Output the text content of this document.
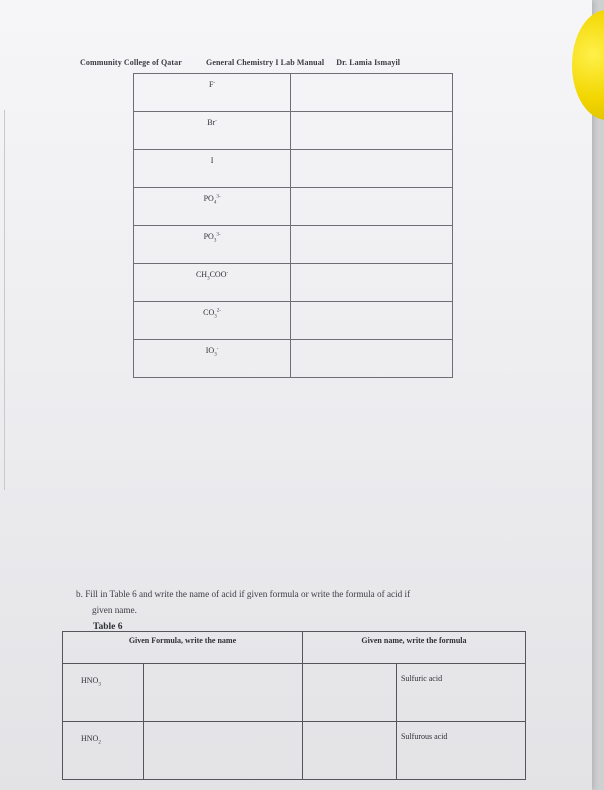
Community College of Qatar	General Chemistry I Lab Manual Dr. Lamia Ismayil
F-	
Br-	
I	
$PO_4^{3-}$	
$PO_3^{3-}$	
$CH_3COO^-$	
$CO_3^{2-}$	
$IO_3^-$	
b. Fill in Table 6 and write the name of acid if given formula or write the formula of acid if
given name.
Table 6
Given Formula, write the name		Given name, write the formula	
$HNO_3$			Sulfuric acid
$HNO_2$			Sulfurous acid
